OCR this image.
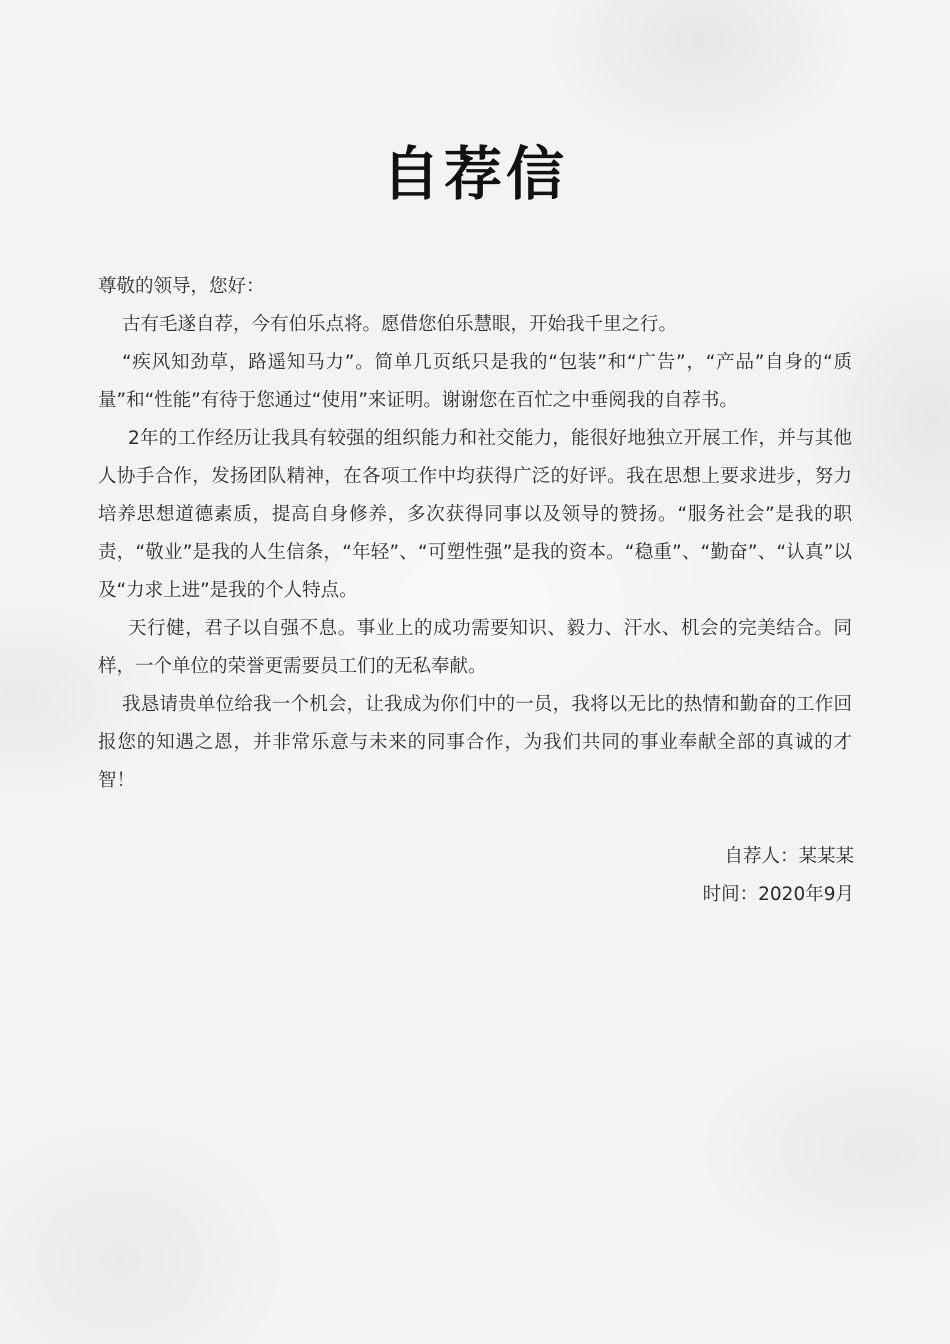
自荐信

尊敬的领导，您好：

古有毛遂自荐，今有伯乐点将。愿借您伯乐慧眼，开始我千里之行。

“疾风知劲草，路遥知马力”。简单几页纸只是我的“包装”和“广告”，“产品”自身的“质量”和“性能”有待于您通过“使用”来证明。谢谢您在百忙之中垂阅我的自荐书。

2年的工作经历让我具有较强的组织能力和社交能力，能很好地独立开展工作，并与其他人协手合作，发扬团队精神，在各项工作中均获得广泛的好评。我在思想上要求进步，努力培养思想道德素质，提高自身修养，多次获得同事以及领导的赞扬。“服务社会”是我的职责，“敬业”是我的人生信条，“年轻”、“可塑性强”是我的资本。“稳重”、“勤奋”、“认真”以及“力求上进”是我的个人特点。

天行健，君子以自强不息。事业上的成功需要知识、毅力、汗水、机会的完美结合。同样，一个单位的荣誉更需要员工们的无私奉献。

我恳请贵单位给我一个机会，让我成为你们中的一员，我将以无比的热情和勤奋的工作回报您的知遇之恩，并非常乐意与未来的同事合作，为我们共同的事业奉献全部的真诚的才智！

自荐人：某某某
时间：2020年9月
